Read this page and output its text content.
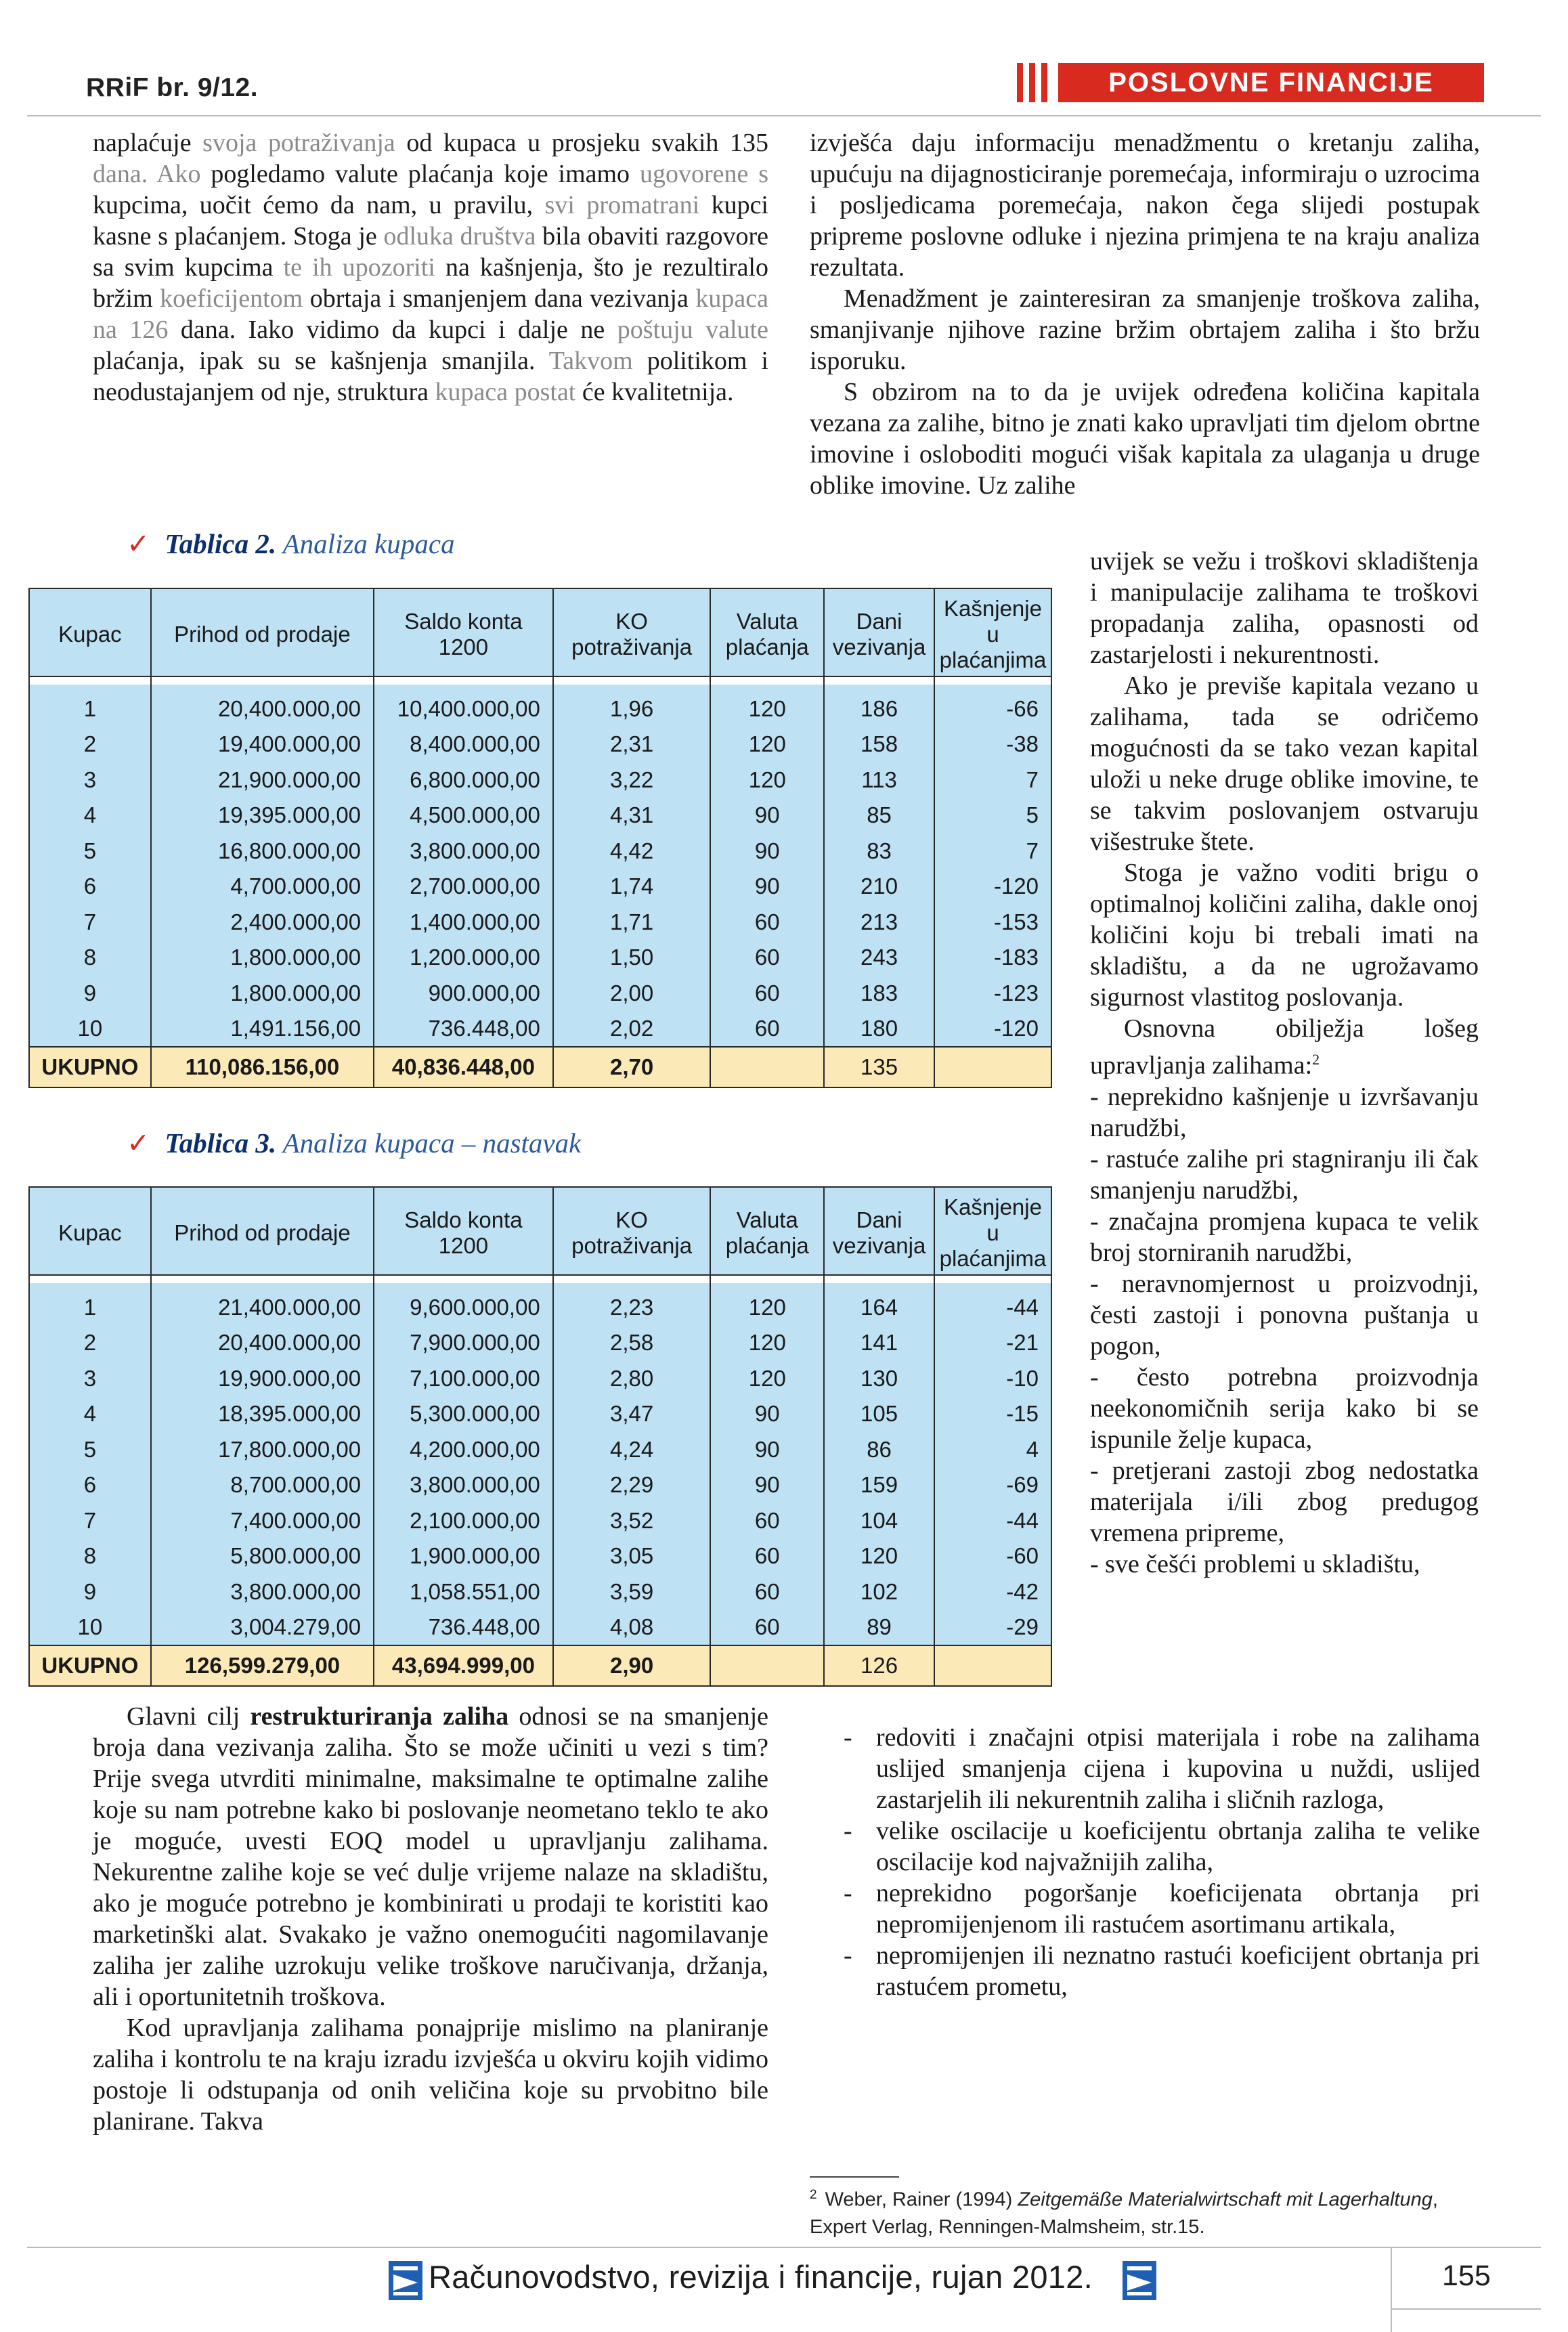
RRiF br. 9/12.	POSLOVNE FINANCIJE

naplaćuje svoja potraživanja od kupaca u prosjeku svakih 135 dana. Ako pogledamo valute plaćanja koje imamo ugovorene s kupcima, uočit ćemo da nam, u pravilu, svi promatrani kupci kasne s plaćanjem. Stoga je odluka društva bila obaviti razgovore sa svim kupcima te ih upozoriti na kašnjenja, što je rezultiralo bržim koeficijentom obrtaja i smanjenjem dana vezivanja kupaca na 126 dana. Iako vidimo da kupci i dalje ne poštuju valute plaćanja, ipak su se kašnjenja smanjila. Takvom politikom i neodustajanjem od nje, struktura kupaca postat će kvalitetnija.

✓ Tablica 2. Analiza kupaca
Kupac	Prihod od prodaje	Saldo konta 1200	KO potraživanja	Valuta plaćanja	Dani vezivanja	Kašnjenje u plaćanjima

1	20,400.000,00	10,400.000,00	1,96	120	186	-66
2	19,400.000,00	8,400.000,00	2,31	120	158	-38
3	21,900.000,00	6,800.000,00	3,22	120	113	7
4	19,395.000,00	4,500.000,00	4,31	90	85	5
5	16,800.000,00	3,800.000,00	4,42	90	83	7
6	4,700.000,00	2,700.000,00	1,74	90	210	-120
7	2,400.000,00	1,400.000,00	1,71	60	213	-153
8	1,800.000,00	1,200.000,00	1,50	60	243	-183
9	1,800.000,00	900.000,00	2,00	60	183	-123
10	1,491.156,00	736.448,00	2,02	60	180	-120
UKUPNO	110,086.156,00	40,836.448,00	2,70		135	
✓ Tablica 3. Analiza kupaca – nastavak
Kupac	Prihod od prodaje	Saldo konta 1200	KO potraživanja	Valuta plaćanja	Dani vezivanja	Kašnjenje u plaćanjima

1	21,400.000,00	9,600.000,00	2,23	120	164	-44
2	20,400.000,00	7,900.000,00	2,58	120	141	-21
3	19,900.000,00	7,100.000,00	2,80	120	130	-10
4	18,395.000,00	5,300.000,00	3,47	90	105	-15
5	17,800.000,00	4,200.000,00	4,24	90	86	4
6	8,700.000,00	3,800.000,00	2,29	90	159	-69
7	7,400.000,00	2,100.000,00	3,52	60	104	-44
8	5,800.000,00	1,900.000,00	3,05	60	120	-60
9	3,800.000,00	1,058.551,00	3,59	60	102	-42
10	3,004.279,00	736.448,00	4,08	60	89	-29
UKUPNO	126,599.279,00	43,694.999,00	2,90		126	

Glavni cilj restrukturiranja zaliha odnosi se na smanjenje broja dana vezivanja zaliha. Što se može učiniti u vezi s tim? Prije svega utvrditi minimalne, maksimalne te optimalne zalihe koje su nam potrebne kako bi poslovanje neometano teklo te ako je moguće, uvesti EOQ model u upravljanju zalihama. Nekurentne zalihe koje se već dulje vrijeme nalaze na skladištu, ako je moguće potrebno je kombinirati u prodaji te koristiti kao marketinški alat. Svakako je važno onemogućiti nagomilavanje zaliha jer zalihe uzrokuju velike troškove naručivanja, držanja, ali i oportunitetnih troškova.

Kod upravljanja zalihama ponajprije mislimo na planiranje zaliha i kontrolu te na kraju izradu izvješća u okviru kojih vidimo postoje li odstupanja od onih veličina koje su prvobitno bile planirane. Takva

izvješća daju informaciju menadžmentu o kretanju zaliha, upućuju na dijagnosticiranje poremećaja, informiraju o uzrocima i posljedicama poremećaja, nakon čega slijedi postupak pripreme poslovne odluke i njezina primjena te na kraju analiza rezultata.

Menadžment je zainteresiran za smanjenje troškova zaliha, smanjivanje njihove razine bržim obrtajem zaliha i što bržu isporuku.

S obzirom na to da je uvijek određena količina kapitala vezana za zalihe, bitno je znati kako upravljati tim djelom obrtne imovine i osloboditi mogući višak kapitala za ulaganja u druge oblike imovine. Uz zalihe

uvijek se vežu i troškovi skladištenja i manipulacije zalihama te troškovi propadanja zaliha, opasnosti od zastarjelosti i nekurentnosti.

Ako je previše kapitala vezano u zalihama, tada se odričemo mogućnosti da se tako vezan kapital uloži u neke druge oblike imovine, te se takvim poslovanjem ostvaruju višestruke štete.

Stoga je važno voditi brigu o optimalnoj količini zaliha, dakle onoj količini koju bi trebali imati na skladištu, a da ne ugrožavamo sigurnost vlastitog poslovanja.

Osnovna obilježja lošeg upravljanja zalihama:$^2$

- neprekidno kašnjenje u izvršavanju narudžbi,
- rastuće zalihe pri stagniranju ili čak smanjenju narudžbi,
- značajna promjena kupaca te velik broj storniranih narudžbi,
- neravnomjernost u proizvodnji, česti zastoji i ponovna puštanja u pogon,
- često potrebna proizvodnja neekonomičnih serija kako bi se ispunile želje kupaca,
- pretjerani zastoji zbog nedostatka materijala i/ili zbog predugog vremena pripreme,
- sve češći problemi u skladištu,
- redoviti i značajni otpisi materijala i robe na zalihama uslijed smanjenja cijena i kupovina u nuždi, uslijed zastarjelih ili nekurentnih zaliha i sličnih razloga,
- velike oscilacije u koeficijentu obrtanja zaliha te velike oscilacije kod najvažnijih zaliha,
- neprekidno pogoršanje koeficijenata obrtanja pri nepromijenjenom ili rastućem asortimanu artikala,
- nepromijenjen ili neznatno rastući koeficijent obrtanja pri rastućem prometu,
$^2$ Weber, Rainer (1994) Zeitgemäße Materialwirtschaft mit Lagerhaltung, Expert Verlag, Renningen-Malmsheim, str.15.
Računovodstvo, revizija i financije, rujan 2012.	155
